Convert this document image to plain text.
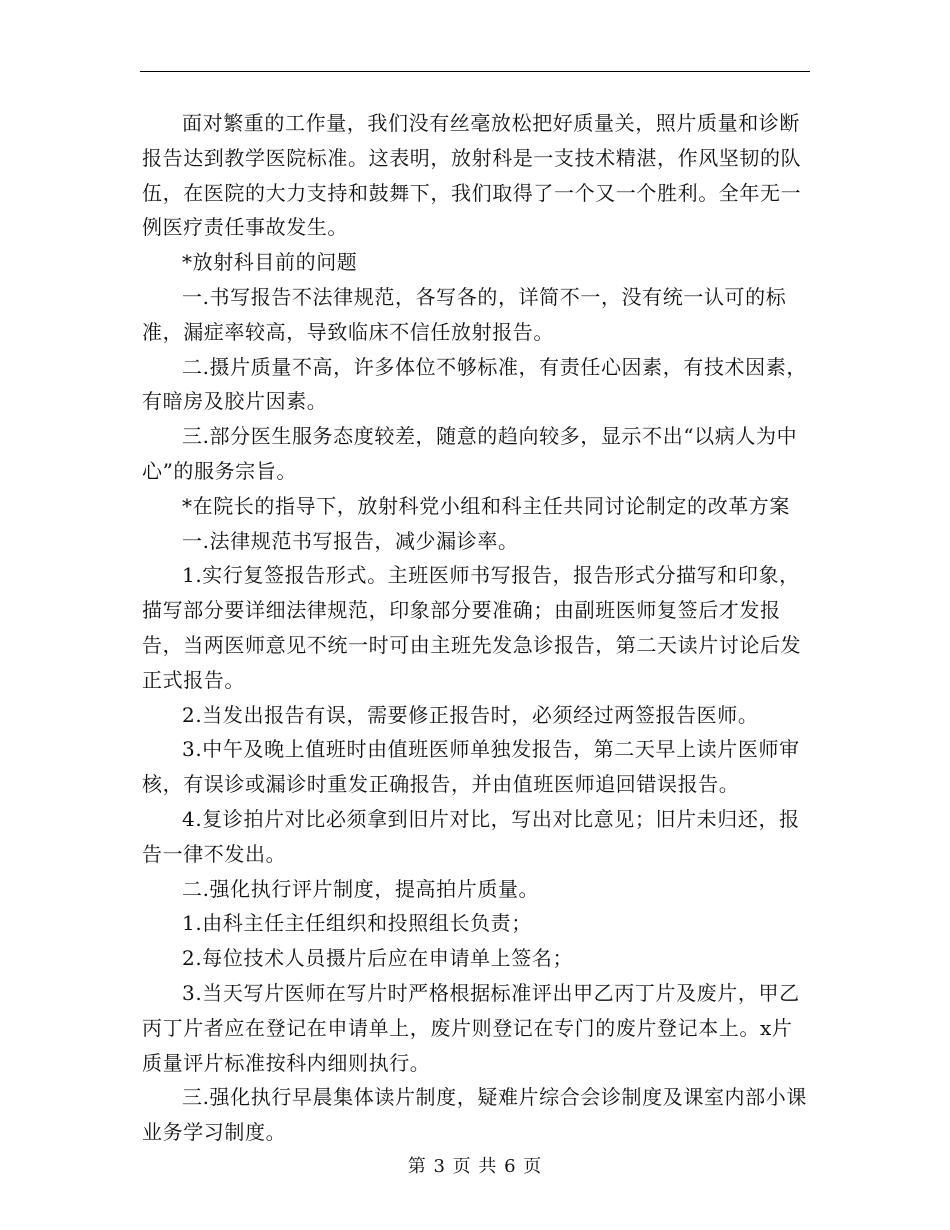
面对繁重的工作量，我们没有丝毫放松把好质量关，照片质量和诊断报告达到教学医院标准。这表明，放射科是一支技术精湛，作风坚韧的队伍，在医院的大力支持和鼓舞下，我们取得了一个又一个胜利。全年无一例医疗责任事故发生。

*放射科目前的问题

一.书写报告不法律规范，各写各的，详简不一，没有统一认可的标准，漏症率较高，导致临床不信任放射报告。

二.摄片质量不高，许多体位不够标准，有责任心因素，有技术因素，有暗房及胶片因素。

三.部分医生服务态度较差，随意的趋向较多，显示不出“以病人为中心”的服务宗旨。

*在院长的指导下，放射科党小组和科主任共同讨论制定的改革方案

一.法律规范书写报告，减少漏诊率。

1.实行复签报告形式。主班医师书写报告，报告形式分描写和印象，描写部分要详细法律规范，印象部分要准确；由副班医师复签后才发报告，当两医师意见不统一时可由主班先发急诊报告，第二天读片讨论后发正式报告。

2.当发出报告有误，需要修正报告时，必须经过两签报告医师。

3.中午及晚上值班时由值班医师单独发报告，第二天早上读片医师审核，有误诊或漏诊时重发正确报告，并由值班医师追回错误报告。

4.复诊拍片对比必须拿到旧片对比，写出对比意见；旧片未归还，报告一律不发出。

二.强化执行评片制度，提高拍片质量。

1.由科主任主任组织和投照组长负责；

2.每位技术人员摄片后应在申请单上签名；

3.当天写片医师在写片时严格根据标准评出甲乙丙丁片及废片，甲乙丙丁片者应在登记在申请单上，废片则登记在专门的废片登记本上。x片质量评片标准按科内细则执行。

三.强化执行早晨集体读片制度，疑难片综合会诊制度及课室内部小课业务学习制度。

第 3 页 共 6 页
